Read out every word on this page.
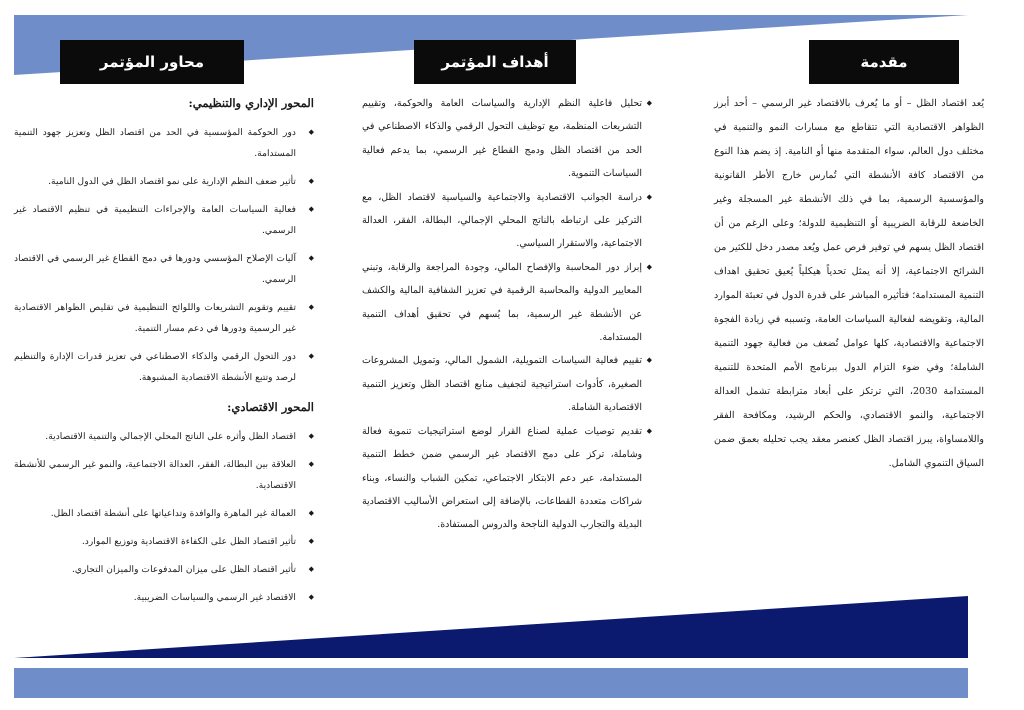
مقدمة

يُعد اقتصاد الظل – أو ما يُعرف بالاقتصاد غير الرسمي – أحد أبرز الظواهر الاقتصادية التي تتقاطع مع مسارات النمو والتنمية في مختلف دول العالم، سواء المتقدمة منها أو النامية. إذ يضم هذا النوع من الاقتصاد كافة الأنشطة التي تُمارس خارج الأطر القانونية والمؤسسية الرسمية، بما في ذلك الأنشطة غير المسجلة وغير الخاضعة للرقابة الضريبية أو التنظيمية للدولة؛ وعلى الرغم من أن اقتصاد الظل يسهم في توفير فرص عمل ويُعد مصدر دخل للكثير من الشرائح الاجتماعية، إلا أنه يمثل تحدياً هيكلياً يُعيق تحقيق اهداف التنمية المستدامة؛ فتأثيره المباشر على قدرة الدول في تعبئة الموارد المالية، وتقويضه لفعالية السياسات العامة، وتسببه في زيادة الفجوة الاجتماعية والاقتصادية، كلها عوامل تُضعف من فعالية جهود التنمية الشاملة؛ وفي ضوء التزام الدول ببرنامج الأمم المتحدة للتنمية المستدامة 2030، التي ترتكز على أبعاد مترابطة تشمل العدالة الاجتماعية، والنمو الاقتصادي، والحكم الرشيد، ومكافحة الفقر واللامساواة، يبرز اقتصاد الظل كعنصر معقد يجب تحليله بعمق ضمن السياق التنموي الشامل.

أهداف المؤتمر
◆ تحليل فاعلية النظم الإدارية والسياسات العامة والحوكمة، وتقييم التشريعات المنظمة، مع توظيف التحول الرقمي والذكاء الاصطناعي في الحد من اقتصاد الظل ودمج القطاع غير الرسمي، بما يدعم فعالية السياسات التنموية.
◆ دراسة الجوانب الاقتصادية والاجتماعية والسياسية لاقتصاد الظل، مع التركيز على ارتباطه بالناتج المحلي الإجمالي، البطالة، الفقر، العدالة الاجتماعية، والاستقرار السياسي.
◆ إبراز دور المحاسبة والإفصاح المالي، وجودة المراجعة والرقابة، وتبني المعايير الدولية والمحاسبة الرقمية في تعزيز الشفافية المالية والكشف عن الأنشطة غير الرسمية، بما يُسهم في تحقيق أهداف التنمية المستدامة.
◆ تقييم فعالية السياسات التمويلية، الشمول المالي، وتمويل المشروعات الصغيرة، كأدوات استراتيجية لتجفيف منابع اقتصاد الظل وتعزيز التنمية الاقتصادية الشاملة.
◆ تقديم توصيات عملية لصناع القرار لوضع استراتيجيات تنموية فعالة وشاملة، تركز على دمج الاقتصاد غير الرسمي ضمن خطط التنمية المستدامة، عبر دعم الابتكار الاجتماعي، تمكين الشباب والنساء، وبناء شراكات متعددة القطاعات، بالإضافة إلى استعراض الأساليب الاقتصادية البديلة والتجارب الدولية الناجحة والدروس المستفادة.
محاور المؤتمر
المحور الإداري والتنظيمي:
◆ دور الحوكمة المؤسسية في الحد من اقتصاد الظل وتعزيز جهود التنمية المستدامة.
◆ تأثير ضعف النظم الإدارية على نمو اقتصاد الظل في الدول النامية.
◆ فعالية السياسات العامة والإجراءات التنظيمية في تنظيم الاقتصاد غير الرسمي.
◆ آليات الإصلاح المؤسسي ودورها في دمج القطاع غير الرسمي في الاقتصاد الرسمي.
◆ تقييم وتقويم التشريعات واللوائح التنظيمية في تقليص الظواهر الاقتصادية غير الرسمية ودورها في دعم مسار التنمية.
◆ دور التحول الرقمي والذكاء الاصطناعي في تعزيز قدرات الإدارة والتنظيم لرصد وتتبع الأنشطة الاقتصادية المشبوهة.
المحور الاقتصادي:
◆ اقتصاد الظل وأثره على الناتج المحلي الإجمالي والتنمية الاقتصادية.
◆ العلاقة بين البطالة، الفقر، العدالة الاجتماعية، والنمو غير الرسمي للأنشطة الاقتصادية.
◆ العمالة غير الماهرة والوافدة وتداعياتها على أنشطة اقتصاد الظل.
◆ تأثير اقتصاد الظل على الكفاءة الاقتصادية وتوزيع الموارد.
◆ تأثير اقتصاد الظل على ميزان المدفوعات والميزان التجاري.
◆ الاقتصاد غير الرسمي والسياسات الضريبية.
